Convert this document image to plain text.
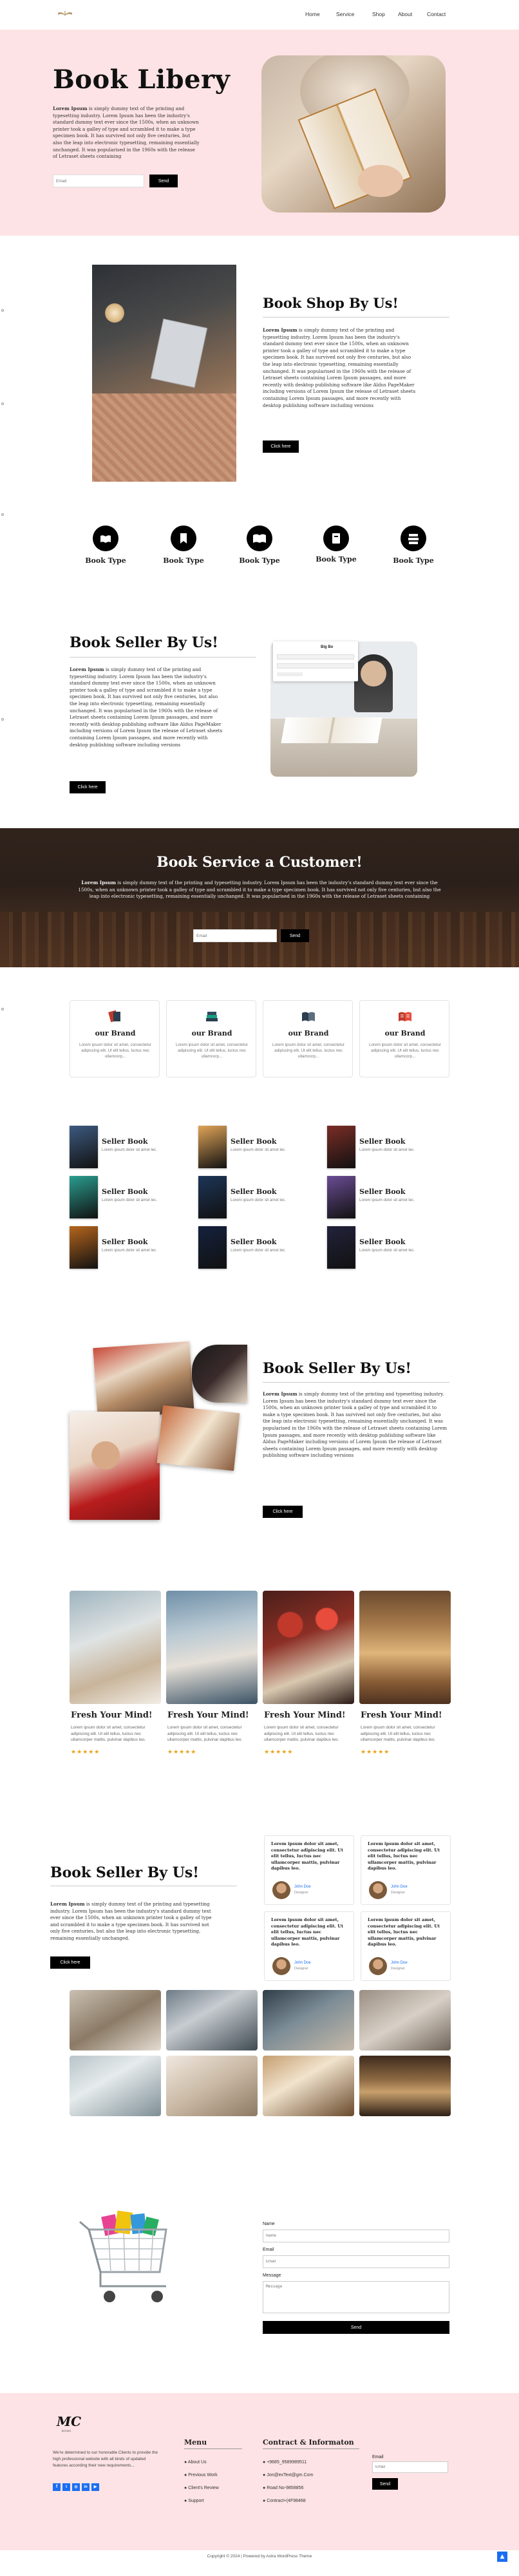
Home	Service	Shop	About	Contact
Book Libery
Lorem Ipsum is simply dummy text of the printing and typesetting industry. Lorem Ipsum has been the industry's standard dummy text ever since the 1500s, when an unknown printer took a galley of type and scrambled it to make a type specimen book. It has survived not only five centuries, but also the leap into electronic typesetting, remaining essentially unchanged. It was popularised in the 1960s with the release of Letraset sheets containing
Email
Send
Book Shop By Us!
Lorem Ipsum is simply dummy text of the printing and typesetting industry. Lorem Ipsum has been the industry's standard dummy text ever since the 1500s, when an unknown printer took a galley of type and scrambled it to make a type specimen book. It has survived not only five centuries, but also the leap into electronic typesetting, remaining essentially unchanged. It was popularised in the 1960s with the release of Letraset sheets containing Lorem Ipsum passages, and more recently with desktop publishing software like Aldus PageMaker including versions of Lorem Ipsum the release of Letraset sheets containing Lorem Ipsum passages, and more recently with desktop publishing software including versions
Click here
Book Type	Book Type	Book Type	Book Type	Book Type
Book Seller By Us!
Lorem Ipsum is simply dummy text of the printing and typesetting industry. Lorem Ipsum has been the industry's standard dummy text ever since the 1500s, when an unknown printer took a galley of type and scrambled it to make a type specimen book. It has survived not only five centuries, but also the leap into electronic typesetting, remaining essentially unchanged. It was popularised in the 1960s with the release of Letraset sheets containing Lorem Ipsum passages, and more recently with desktop publishing software like Aldus PageMaker including versions of Lorem Ipsum the release of Letraset sheets containing Lorem Ipsum passages, and more recently with desktop publishing software including versions
Click here
Big Bo
Book Service a Customer!
Lorem Ipsum is simply dummy text of the printing and typesetting industry. Lorem Ipsum has been the industry's standard dummy text ever since the 1500s, when an unknown printer took a galley of type and scrambled it to make a type specimen book. It has survived not only five centuries, but also the leap into electronic typesetting, remaining essentially unchanged. It was popularised in the 1960s with the release of Letraset sheets containing
Email
Send
our Brand
Lorem ipsum dolor sit amet, consectetur adipiscing elit. Ut elit tellus, luctus nec ullamcorp...
our Brand
Lorem ipsum dolor sit amet, consectetur adipiscing elit. Ut elit tellus, luctus nec ullamcorp...
our Brand
Lorem ipsum dolor sit amet, consectetur adipiscing elit. Ut elit tellus, luctus nec ullamcorp...
our Brand
Lorem ipsum dolor sit amet, consectetur adipiscing elit. Ut elit tellus, luctus nec ullamcorp...
Seller Book
Lorem ipsum dolor sit amet lec.
Seller Book
Lorem ipsum dolor sit amet lec.
Seller Book
Lorem ipsum dolor sit amet lec.
Seller Book
Lorem ipsum dolor sit amet lec.
Seller Book
Lorem ipsum dolor sit amet lec.
Seller Book
Lorem ipsum dolor sit amet lec.
Seller Book
Lorem ipsum dolor sit amet lec.
Seller Book
Lorem ipsum dolor sit amet lec.
Seller Book
Lorem ipsum dolor sit amet lec.
Book Seller By Us!
Lorem Ipsum is simply dummy text of the printing and typesetting industry. Lorem Ipsum has been the industry's standard dummy text ever since the 1500s, when an unknown printer took a galley of type and scrambled it to make a type specimen book. It has survived not only five centuries, but also the leap into electronic typesetting, remaining essentially unchanged. It was popularised in the 1960s with the release of Letraset sheets containing Lorem Ipsum passages, and more recently with desktop publishing software like Aldus PageMaker including versions of Lorem Ipsum the release of Letraset sheets containing Lorem Ipsum passages, and more recently with desktop publishing software including versions
Click here
Fresh Your Mind!
Lorem ipsum dolor sit amet, consectetur adipiscing elit. Ut elit tellus, luctus nec ullamcorper mattis, pulvinar dapibus leo.
★★★★★
Fresh Your Mind!
Lorem ipsum dolor sit amet, consectetur adipiscing elit. Ut elit tellus, luctus nec ullamcorper mattis, pulvinar dapibus leo.
★★★★★
Fresh Your Mind!
Lorem ipsum dolor sit amet, consectetur adipiscing elit. Ut elit tellus, luctus nec ullamcorper mattis, pulvinar dapibus leo.
★★★★★
Fresh Your Mind!
Lorem ipsum dolor sit amet, consectetur adipiscing elit. Ut elit tellus, luctus nec ullamcorper mattis, pulvinar dapibus leo.
★★★★★
Book Seller By Us!
Lorem Ipsum is simply dummy text of the printing and typesetting industry. Lorem Ipsum has been the industry's standard dummy text ever since the 1500s, when an unknown printer took a galley of type and scrambled it to make a type specimen book. It has survived not only five centuries, but also the leap into electronic typesetting, remaining essentially unchanged.
Click here
Lorem ipsum dolor sit amet, consectetur adipiscing elit. Ut elit tellus, luctus nec ullamcorper mattis, pulvinar dapibus leo.
John Doe
Designer
Lorem ipsum dolor sit amet, consectetur adipiscing elit. Ut elit tellus, luctus nec ullamcorper mattis, pulvinar dapibus leo.
John Doe
Designer
Lorem ipsum dolor sit amet, consectetur adipiscing elit. Ut elit tellus, luctus nec ullamcorper mattis, pulvinar dapibus leo.
John Doe
Designer
Lorem ipsum dolor sit amet, consectetur adipiscing elit. Ut elit tellus, luctus nec ullamcorper mattis, pulvinar dapibus leo.
John Doe
Designer
Name
Name
Email
Email
Message
Message
Send
MC
BOOKS
We're determined to our honorable Clients to provide the high professional website with all kinds of updated features according their new requirements...
f	t	◎	in	▶
Menu
● About Us
● Previous Work
● Client's Review
● Support
Contract & Informaton
● +9685_9589989511
● Jon@exText@gm.Com
● Road No-9858856
● Contract+(4F98468
Email
Email
Send
Copyright © 2024 | Powered by Astra WordPress Theme	▲
